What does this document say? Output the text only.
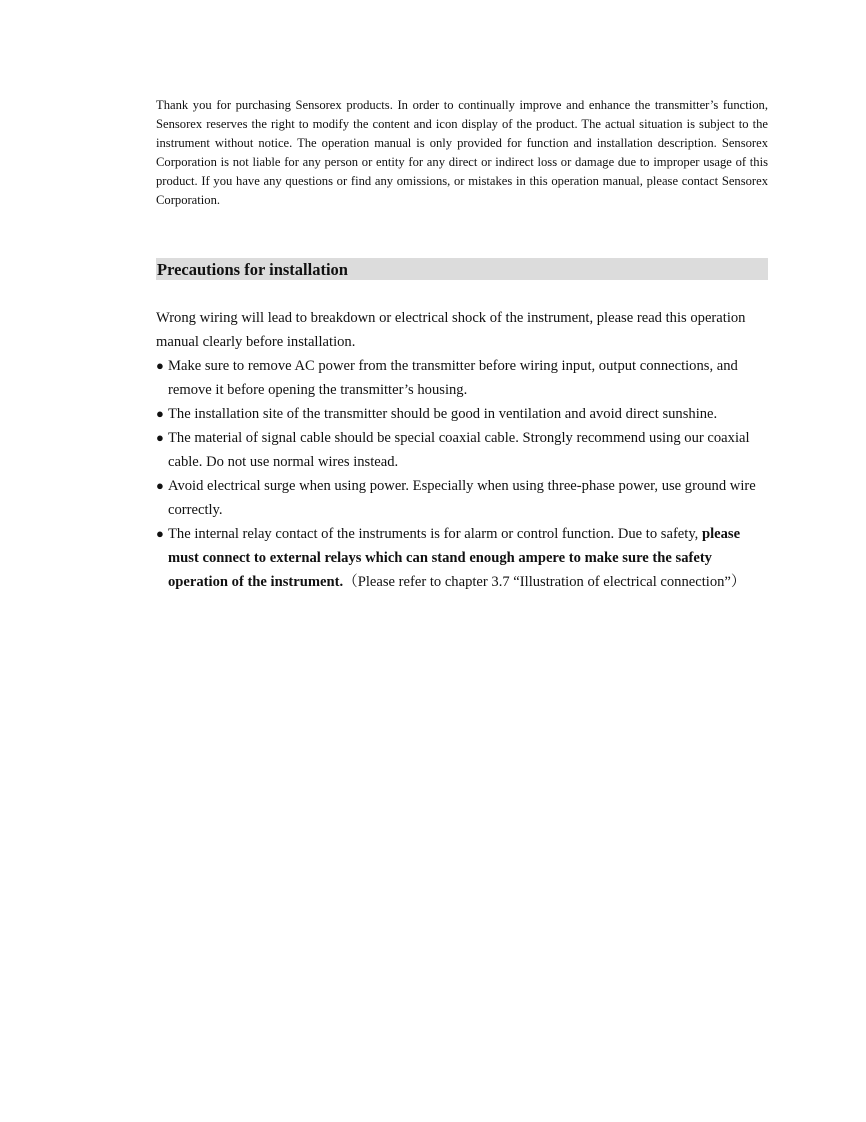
Thank you for purchasing Sensorex products. In order to continually improve and enhance the transmitter’s function, Sensorex reserves the right to modify the content and icon display of the product. The actual situation is subject to the instrument without notice. The operation manual is only provided for function and installation description. Sensorex Corporation is not liable for any person or entity for any direct or indirect loss or damage due to improper usage of this product. If you have any questions or find any omissions, or mistakes in this operation manual, please contact Sensorex Corporation.

Precautions for installation

Wrong wiring will lead to breakdown or electrical shock of the instrument, please read this operation manual clearly before installation.

● Make sure to remove AC power from the transmitter before wiring input, output connections, and remove it before opening the transmitter’s housing.
● The installation site of the transmitter should be good in ventilation and avoid direct sunshine.
● The material of signal cable should be special coaxial cable. Strongly recommend using our coaxial cable. Do not use normal wires instead.
● Avoid electrical surge when using power. Especially when using three-phase power, use ground wire correctly.
● The internal relay contact of the instruments is for alarm or control function. Due to safety, please must connect to external relays which can stand enough ampere to make sure the safety operation of the instrument.（Please refer to chapter 3.7 “Illustration of electrical connection”）
